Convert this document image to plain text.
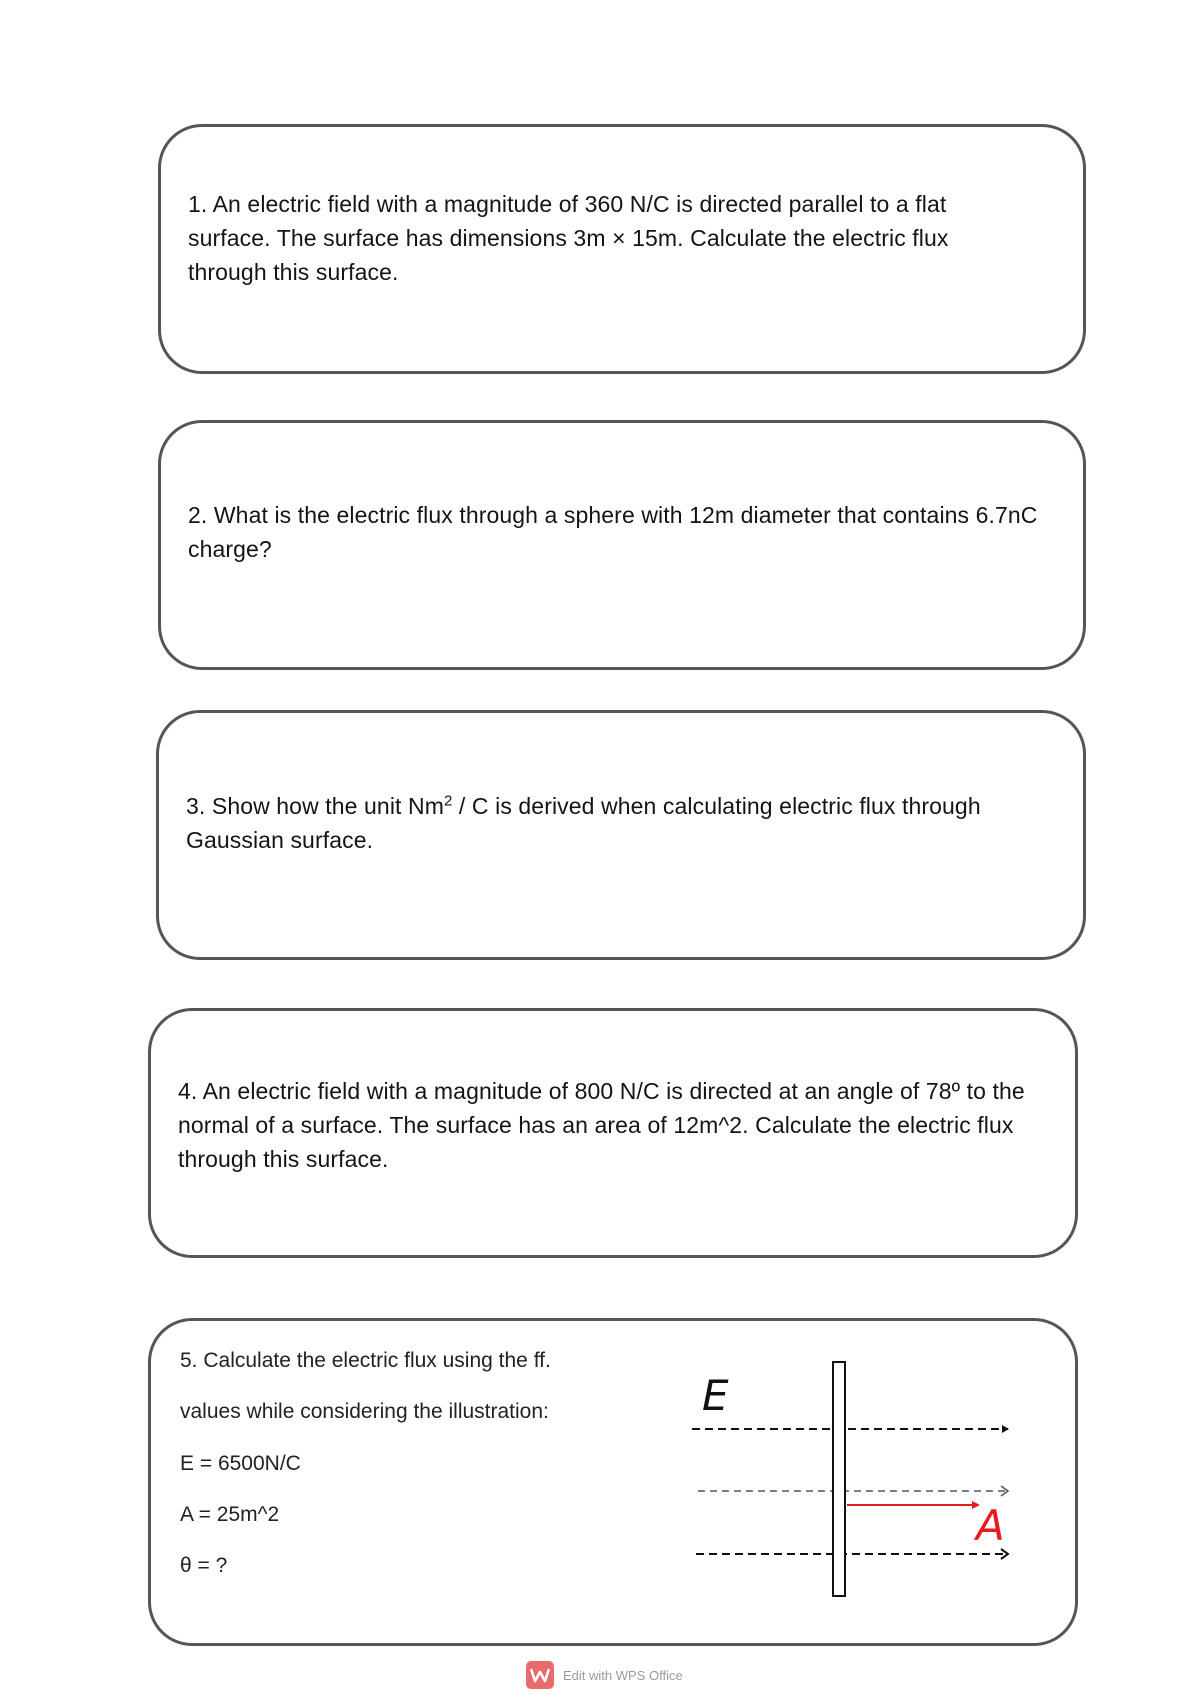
1. An electric field with a magnitude of 360 N/C is directed parallel to a flat surface. The surface has dimensions 3m × 15m. Calculate the electric flux through this surface.

2. What is the electric flux through a sphere with 12m diameter that contains 6.7nC charge?

3. Show how the unit Nm$^2$ / C is derived when calculating electric flux through Gaussian surface.

4. An electric field with a magnitude of 800 N/C is directed at an angle of 78º to the normal of a surface. The surface has an area of 12m^2. Calculate the electric flux through this surface.

5. Calculate the electric flux using the ff.

values while considering the illustration:

E = 6500N/C

A = 25m^2

θ = ?

E
A
Edit with WPS Office
